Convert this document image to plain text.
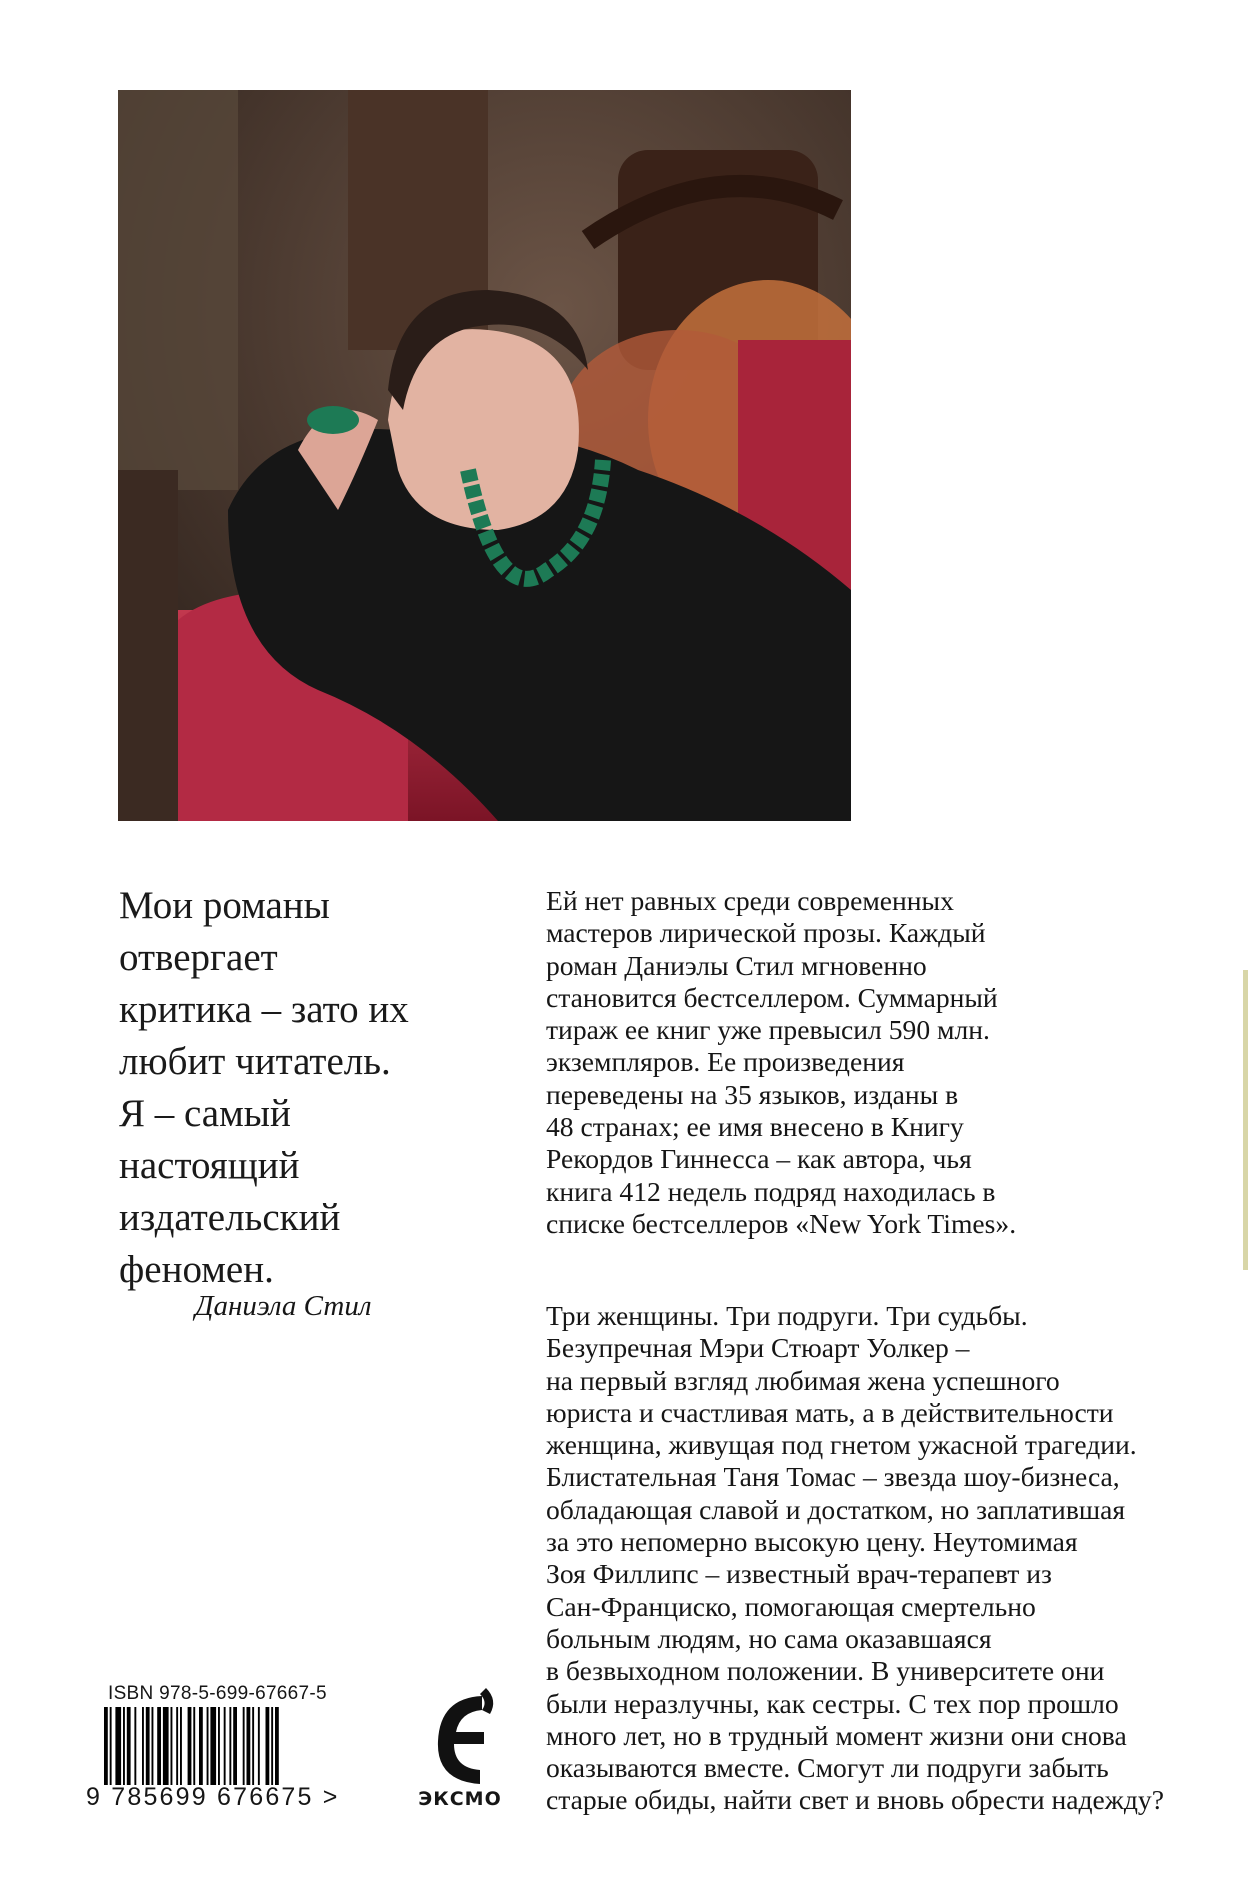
Мои романы
отвергает
критика – зато их
любит читатель.
Я – самый
настоящий
издательский
феномен.

Даниэла Стил

Ей нет равных среди современных
мастеров лирической прозы. Каждый
роман Даниэлы Стил мгновенно
становится бестселлером. Суммарный
тираж ее книг уже превысил 590 млн.
экземпляров. Ее произведения
переведены на 35 языков, изданы в
48 странах; ее имя внесено в Книгу
Рекордов Гиннесса – как автора, чья
книга 412 недель подряд находилась в
списке бестселлеров «New York Times».

Три женщины. Три подруги. Три судьбы.
Безупречная Мэри Стюарт Уолкер –
на первый взгляд любимая жена успешного
юриста и счастливая мать, а в действительности
женщина, живущая под гнетом ужасной трагедии.
Блистательная Таня Томас – звезда шоу-бизнеса,
обладающая славой и достатком, но заплатившая
за это непомерно высокую цену. Неутомимая
Зоя Филлипс – известный врач-терапевт из
Сан-Франциско, помогающая смертельно
больным людям, но сама оказавшаяся
в безвыходном положении. В университете они
были неразлучны, как сестры. С тех пор прошло
много лет, но в трудный момент жизни они снова
оказываются вместе. Смогут ли подруги забыть
старые обиды, найти свет и вновь обрести надежду?

ISBN 978-5-699-67667-5
9 785699 676675 >	ЭКСМО
